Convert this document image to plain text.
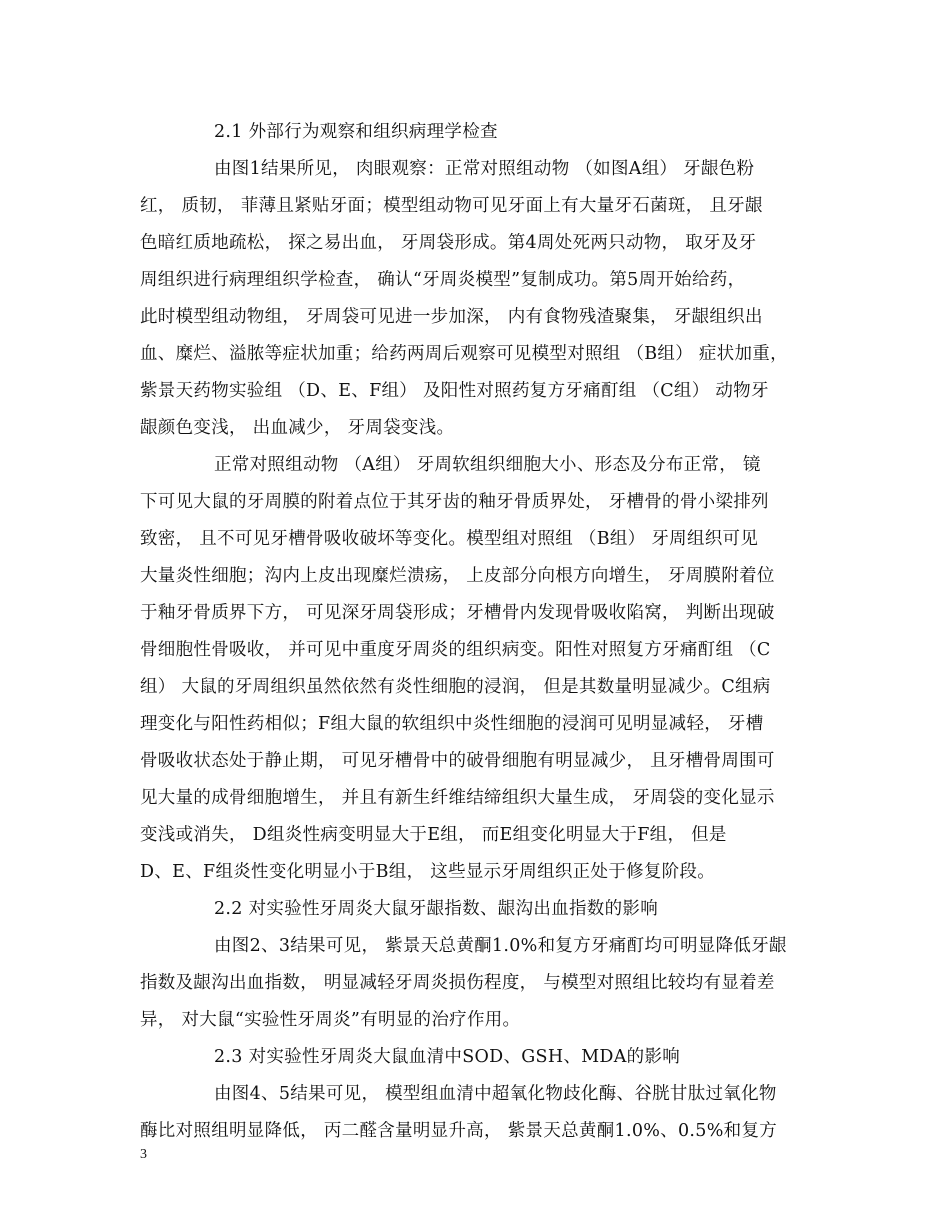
2.1 外部行为观察和组织病理学检查
由图1结果所见， 肉眼观察：正常对照组动物 （如图A组） 牙龈色粉
红， 质韧， 菲薄且紧贴牙面；模型组动物可见牙面上有大量牙石菌斑， 且牙龈
色暗红质地疏松， 探之易出血， 牙周袋形成。第4周处死两只动物， 取牙及牙
周组织进行病理组织学检查， 确认“牙周炎模型”复制成功。第5周开始给药，
此时模型组动物组， 牙周袋可见进一步加深， 内有食物残渣聚集， 牙龈组织出
血、糜烂、溢脓等症状加重；给药两周后观察可见模型对照组 （B组） 症状加重，
紫景天药物实验组 （D、E、F组） 及阳性对照药复方牙痛酊组 （C组） 动物牙
龈颜色变浅， 出血减少， 牙周袋变浅。
正常对照组动物 （A组） 牙周软组织细胞大小、形态及分布正常， 镜
下可见大鼠的牙周膜的附着点位于其牙齿的釉牙骨质界处， 牙槽骨的骨小梁排列
致密， 且不可见牙槽骨吸收破坏等变化。模型组对照组 （B组） 牙周组织可见
大量炎性细胞；沟内上皮出现糜烂溃疡， 上皮部分向根方向增生， 牙周膜附着位
于釉牙骨质界下方， 可见深牙周袋形成；牙槽骨内发现骨吸收陷窝， 判断出现破
骨细胞性骨吸收， 并可见中重度牙周炎的组织病变。阳性对照复方牙痛酊组 （C
组） 大鼠的牙周组织虽然依然有炎性细胞的浸润， 但是其数量明显减少。C组病
理变化与阳性药相似；F组大鼠的软组织中炎性细胞的浸润可见明显减轻， 牙槽
骨吸收状态处于静止期， 可见牙槽骨中的破骨细胞有明显减少， 且牙槽骨周围可
见大量的成骨细胞增生， 并且有新生纤维结缔组织大量生成， 牙周袋的变化显示
变浅或消失， D组炎性病变明显大于E组， 而E组变化明显大于F组， 但是
D、E、F组炎性变化明显小于B组， 这些显示牙周组织正处于修复阶段。
2.2 对实验性牙周炎大鼠牙龈指数、龈沟出血指数的影响
由图2、3结果可见， 紫景天总黄酮1.0%和复方牙痛酊均可明显降低牙龈
指数及龈沟出血指数， 明显减轻牙周炎损伤程度， 与模型对照组比较均有显着差
异， 对大鼠“实验性牙周炎”有明显的治疗作用。
2.3 对实验性牙周炎大鼠血清中SOD、GSH、MDA的影响
由图4、5结果可见， 模型组血清中超氧化物歧化酶、谷胱甘肽过氧化物
酶比对照组明显降低， 丙二醛含量明显升高， 紫景天总黄酮1.0%、0.5%和复方
3
